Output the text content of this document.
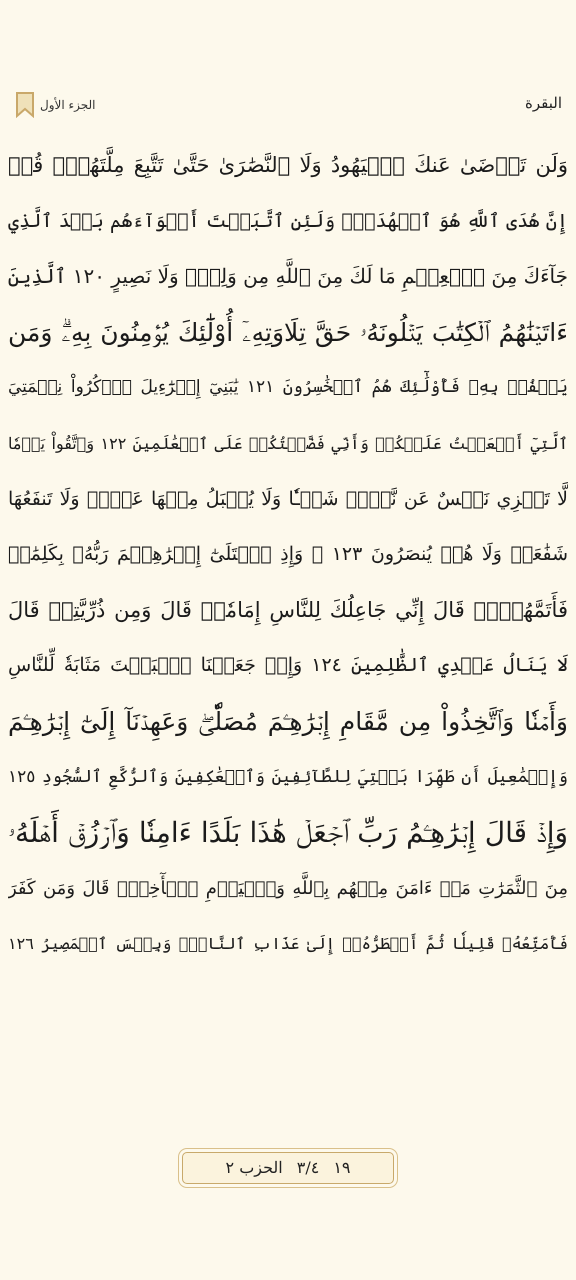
البقرة
الجزء الأول
وَلَن تَرۡضَىٰ عَنكَ ٱلۡيَهُودُ وَلَا ٱلنَّصَٰرَىٰ حَتَّىٰ تَتَّبِعَ مِلَّتَهُمۡۗ قُلۡ
إِنَّ هُدَى ٱللَّهِ هُوَ ٱلۡهُدَىٰۗ وَلَئِنِ ٱتَّبَعۡتَ أَهۡوَآءَهُم بَعۡدَ ٱلَّذِي
جَآءَكَ مِنَ ٱلۡعِلۡمِ مَا لَكَ مِنَ ٱللَّهِ مِن وَلِيّٖ وَلَا نَصِيرٍ ١٢٠ ٱلَّذِينَ
ءَاتَيۡنَٰهُمُ ٱلۡكِتَٰبَ يَتۡلُونَهُۥ حَقَّ تِلَاوَتِهِۦٓ أُوْلَٰٓئِكَ يُؤۡمِنُونَ بِهِۦۗ وَمَن
يَكۡفُرۡ بِهِۦ فَأُوْلَٰٓئِكَ هُمُ ٱلۡخَٰسِرُونَ ١٢١ يَٰبَنِيٓ إِسۡرَٰٓءِيلَ ٱذۡكُرُواْ نِعۡمَتِيَ
ٱلَّتِيٓ أَنۡعَمۡتُ عَلَيۡكُمۡ وَأَنِّي فَضَّلۡتُكُمۡ عَلَى ٱلۡعَٰلَمِينَ ١٢٢ وَٱتَّقُواْ يَوۡمٗا
لَّا تَجۡزِي نَفۡسٌ عَن نَّفۡسٖ شَيۡـٔٗا وَلَا يُقۡبَلُ مِنۡهَا عَدۡلٞ وَلَا تَنفَعُهَا
شَفَٰعَةٞ وَلَا هُمۡ يُنصَرُونَ ١٢٣ ۞ وَإِذِ ٱبۡتَلَىٰٓ إِبۡرَٰهِـۧمَ رَبُّهُۥ بِكَلِمَٰتٖ
فَأَتَمَّهُنَّۖ قَالَ إِنِّي جَاعِلُكَ لِلنَّاسِ إِمَامٗاۖ قَالَ وَمِن ذُرِّيَّتِيۖ قَالَ
لَا يَنَالُ عَهۡدِي ٱلظَّٰلِمِينَ ١٢٤ وَإِذۡ جَعَلۡنَا ٱلۡبَيۡتَ مَثَابَةٗ لِّلنَّاسِ
وَأَمۡنٗا وَٱتَّخِذُواْ مِن مَّقَامِ إِبۡرَٰهِـۧمَ مُصَلّٗىۖ وَعَهِدۡنَآ إِلَىٰٓ إِبۡرَٰهِـۧمَ
وَإِسۡمَٰعِيلَ أَن طَهِّرَا بَيۡتِيَ لِلطَّآئِفِينَ وَٱلۡعَٰكِفِينَ وَٱلرُّكَّعِ ٱلسُّجُودِ ١٢٥
وَإِذۡ قَالَ إِبۡرَٰهِـۧمُ رَبِّ ٱجۡعَلۡ هَٰذَا بَلَدًا ءَامِنٗا وَٱرۡزُقۡ أَهۡلَهُۥ
مِنَ ٱلثَّمَرَٰتِ مَنۡ ءَامَنَ مِنۡهُم بِٱللَّهِ وَٱلۡيَوۡمِ ٱلۡأٓخِرِۚ قَالَ وَمَن كَفَرَ
فَأُمَتِّعُهُۥ قَلِيلٗا ثُمَّ أَضۡطَرُّهُۥٓ إِلَىٰ عَذَابِ ٱلنَّارِۖ وَبِئۡسَ ٱلۡمَصِيرُ ١٢٦
١٩
٣/٤
الحزب ٢
